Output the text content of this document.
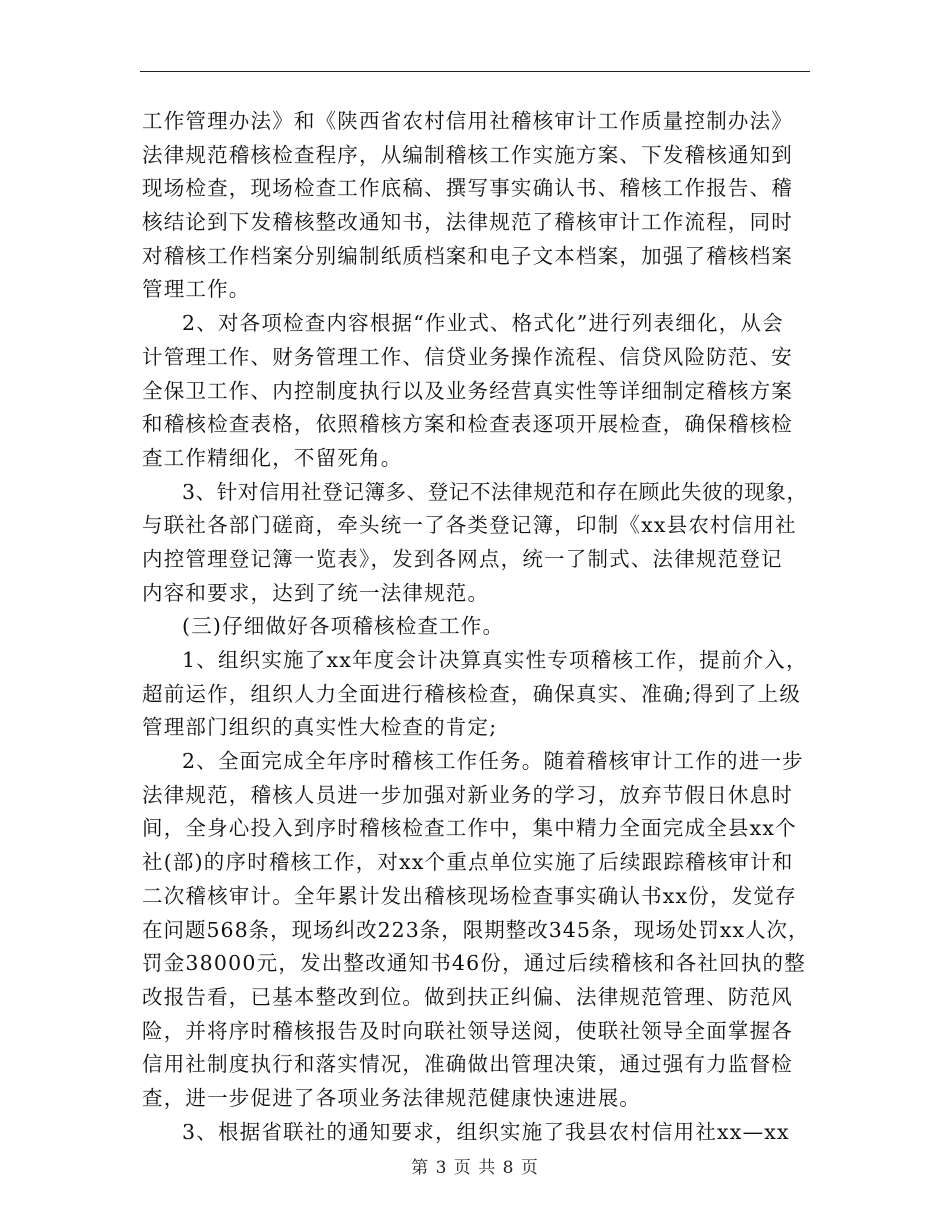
工作管理办法》和《陕西省农村信用社稽核审计工作质量控制办法》
法律规范稽核检查程序，从编制稽核工作实施方案、下发稽核通知到
现场检查，现场检查工作底稿、撰写事实确认书、稽核工作报告、稽
核结论到下发稽核整改通知书，法律规范了稽核审计工作流程，同时
对稽核工作档案分别编制纸质档案和电子文本档案，加强了稽核档案
管理工作。
2、对各项检查内容根据“作业式、格式化”进行列表细化，从会
计管理工作、财务管理工作、信贷业务操作流程、信贷风险防范、安
全保卫工作、内控制度执行以及业务经营真实性等详细制定稽核方案
和稽核检查表格，依照稽核方案和检查表逐项开展检查，确保稽核检
查工作精细化，不留死角。
3、针对信用社登记簿多、登记不法律规范和存在顾此失彼的现象，
与联社各部门磋商，牵头统一了各类登记簿，印制《xx县农村信用社
内控管理登记簿一览表》，发到各网点，统一了制式、法律规范登记
内容和要求，达到了统一法律规范。
(三)仔细做好各项稽核检查工作。
1、组织实施了xx年度会计决算真实性专项稽核工作，提前介入，
超前运作，组织人力全面进行稽核检查，确保真实、准确;得到了上级
管理部门组织的真实性大检查的肯定;
2、全面完成全年序时稽核工作任务。随着稽核审计工作的进一步
法律规范，稽核人员进一步加强对新业务的学习，放弃节假日休息时
间，全身心投入到序时稽核检查工作中，集中精力全面完成全县xx个
社(部)的序时稽核工作，对xx个重点单位实施了后续跟踪稽核审计和
二次稽核审计。全年累计发出稽核现场检查事实确认书xx份，发觉存
在问题568条，现场纠改223条，限期整改345条，现场处罚xx人次，
罚金38000元，发出整改通知书46份，通过后续稽核和各社回执的整
改报告看，已基本整改到位。做到扶正纠偏、法律规范管理、防范风
险，并将序时稽核报告及时向联社领导送阅，使联社领导全面掌握各
信用社制度执行和落实情况，准确做出管理决策，通过强有力监督检
查，进一步促进了各项业务法律规范健康快速进展。
3、根据省联社的通知要求，组织实施了我县农村信用社xx—xx
第 3 页 共 8 页
